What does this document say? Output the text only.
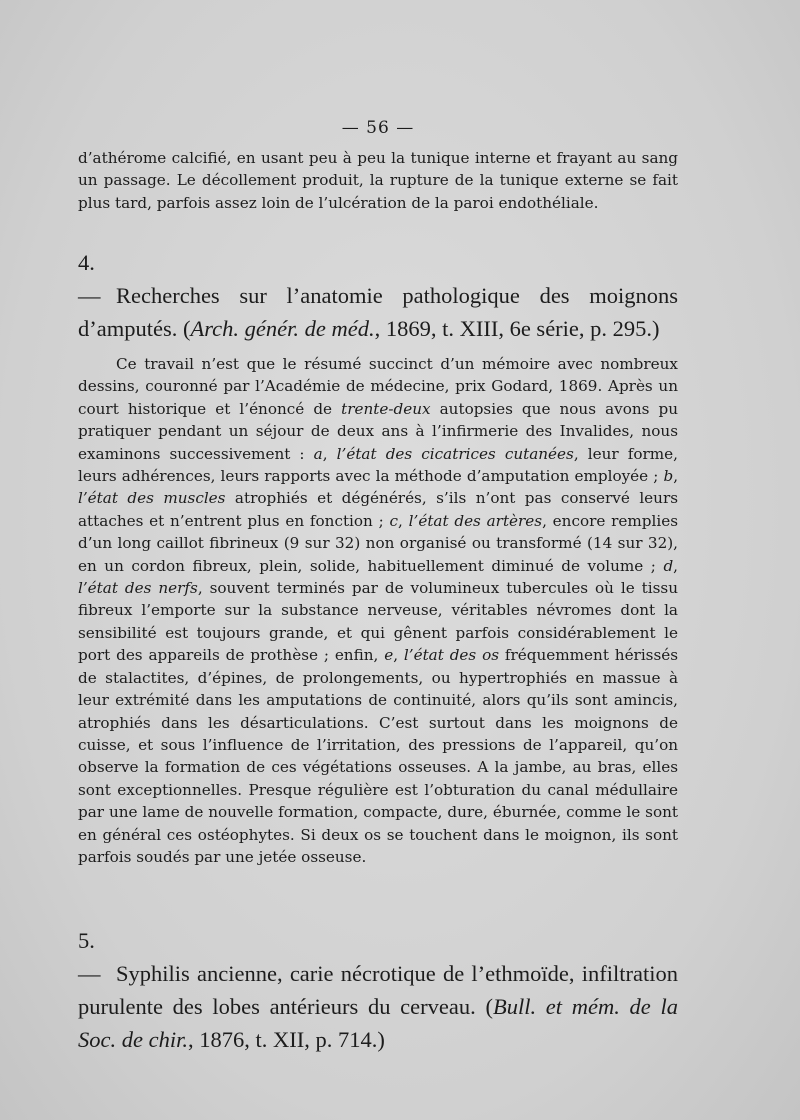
— 56 —

d’athérome calcifié, en usant peu à peu la tunique interne et frayant au sang un passage. Le décollement produit, la rupture de la tunique externe se fait plus tard, parfois assez loin de l’ulcération de la paroi endothéliale.

4. — Recherches sur l’anatomie pathologique des moignons d’amputés. (Arch. génér. de méd., 1869, t. XIII, 6e série, p. 295.)

Ce travail n’est que le résumé succinct d’un mémoire avec nombreux dessins, couronné par l’Académie de médecine, prix Godard, 1869. Après un court historique et l’énoncé de trente-deux autopsies que nous avons pu pratiquer pendant un séjour de deux ans à l’infirmerie des Invalides, nous examinons successivement : a, l’état des cicatrices cutanées, leur forme, leurs adhérences, leurs rapports avec la méthode d’amputation employée ; b, l’état des muscles atrophiés et dégénérés, s’ils n’ont pas conservé leurs attaches et n’entrent plus en fonction ; c, l’état des artères, encore remplies d’un long caillot fibrineux (9 sur 32) non organisé ou transformé (14 sur 32), en un cordon fibreux, plein, solide, habituellement diminué de volume ; d, l’état des nerfs, souvent terminés par de volumineux tubercules où le tissu fibreux l’emporte sur la substance nerveuse, véritables névromes dont la sensibilité est toujours grande, et qui gênent parfois considérablement le port des appareils de prothèse ; enfin, e, l’état des os fréquemment hérissés de stalactites, d’épines, de prolongements, ou hypertrophiés en massue à leur extrémité dans les amputations de continuité, alors qu’ils sont amincis, atrophiés dans les désarticulations. C’est surtout dans les moignons de cuisse, et sous l’influence de l’irritation, des pressions de l’appareil, qu’on observe la formation de ces végétations osseuses. A la jambe, au bras, elles sont exceptionnelles. Presque régulière est l’obturation du canal médullaire par une lame de nouvelle formation, compacte, dure, éburnée, comme le sont en général ces ostéophytes. Si deux os se touchent dans le moignon, ils sont parfois soudés par une jetée osseuse.

5. — Syphilis ancienne, carie nécrotique de l’ethmoïde, infiltration purulente des lobes antérieurs du cerveau. (Bull. et mém. de la Soc. de chir., 1876, t. XII, p. 714.)
